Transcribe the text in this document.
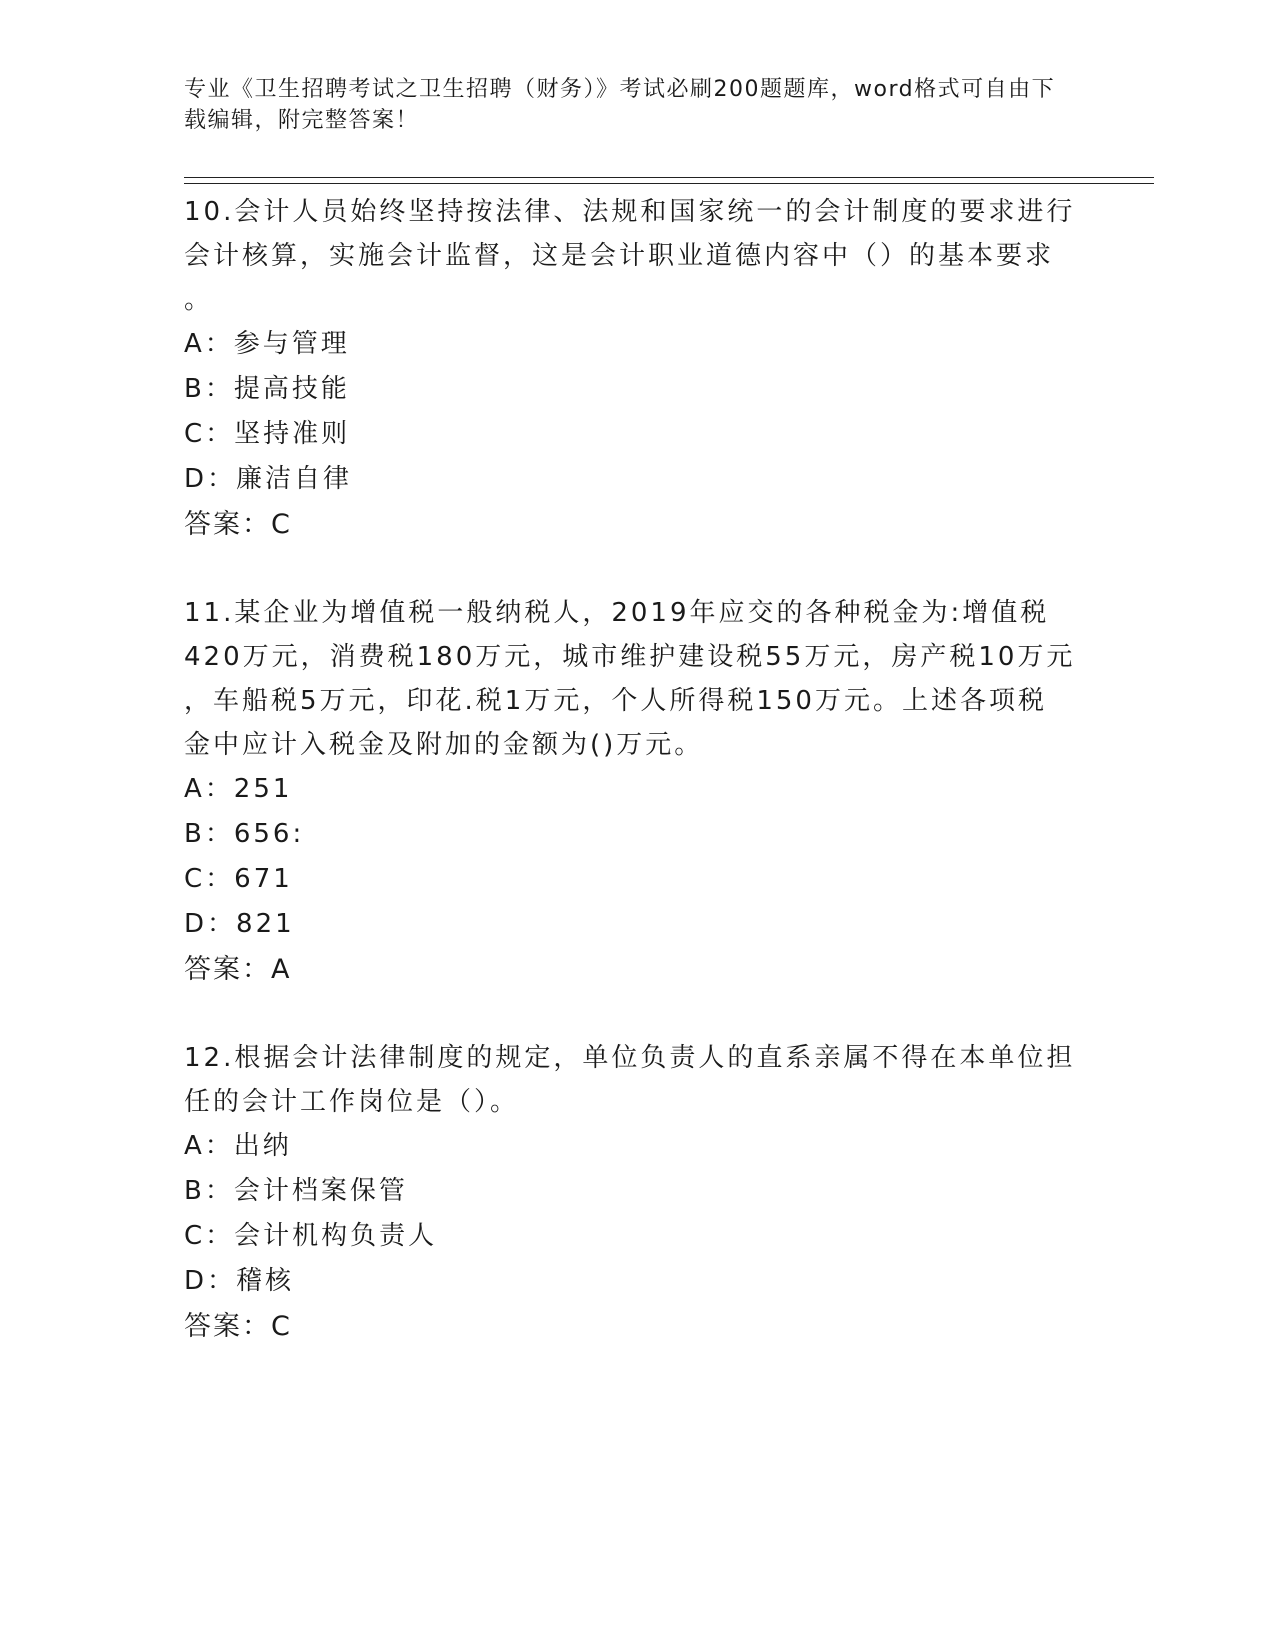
专业《卫生招聘考试之卫生招聘（财务）》考试必刷200题题库，word格式可自由下载编辑，附完整答案！

10.会计人员始终坚持按法律、法规和国家统一的会计制度的要求进行

会计核算，实施会计监督，这是会计职业道德内容中（）的基本要求

。

A：参与管理

B：提高技能

C：坚持准则

D：廉洁自律

答案：C

11.某企业为增值税一般纳税人，2019年应交的各种税金为:增值税

420万元，消费税180万元，城市维护建设税55万元，房产税10万元

，车船税5万元，印花.税1万元，个人所得税150万元。上述各项税

金中应计入税金及附加的金额为()万元。

A：251

B：656:

C：671

D：821

答案：A

12.根据会计法律制度的规定，单位负责人的直系亲属不得在本单位担

任的会计工作岗位是（）。

A：出纳

B：会计档案保管

C：会计机构负责人

D：稽核

答案：C
